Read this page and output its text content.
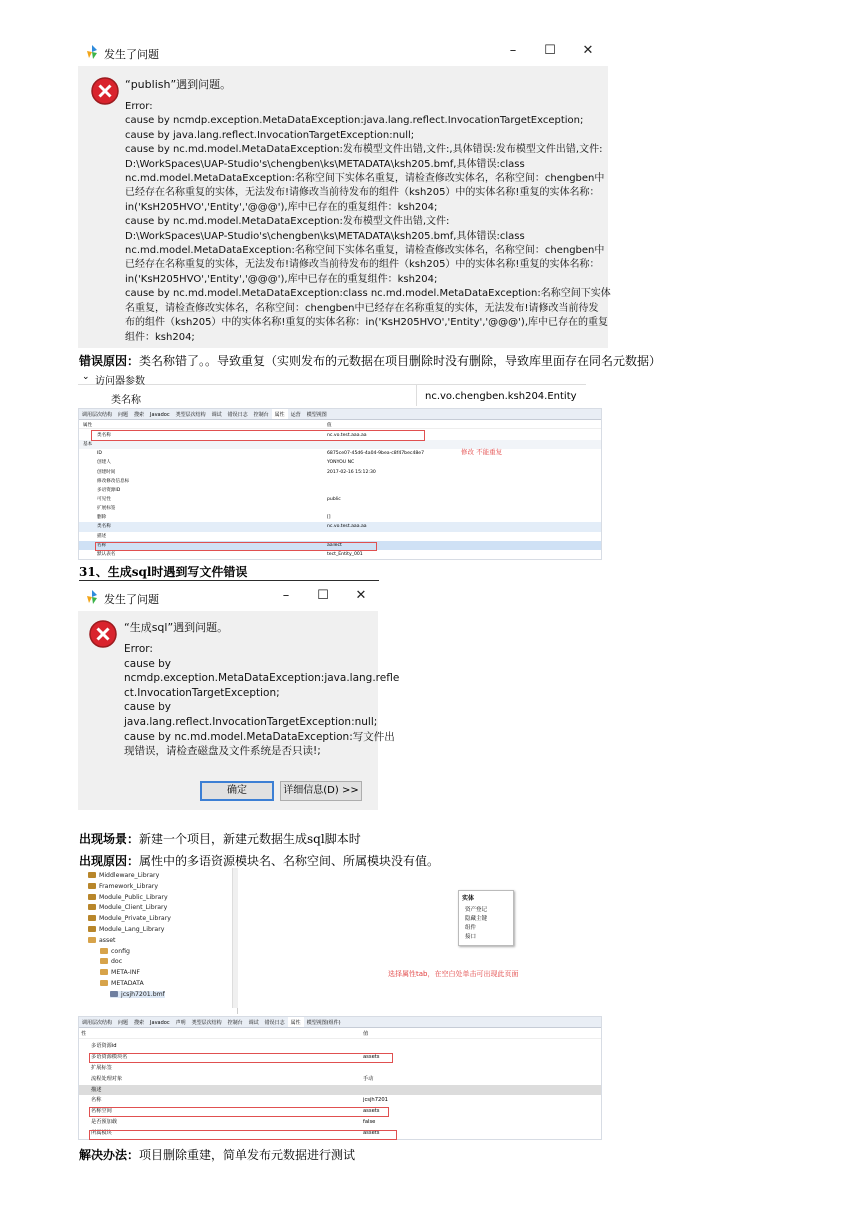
发生了问题	–	☐	✕
“publish”遇到问题。
Error:
cause by ncmdp.exception.MetaDataException:java.lang.reflect.InvocationTargetException;
cause by java.lang.reflect.InvocationTargetException:null;
cause by nc.md.model.MetaDataException:发布模型文件出错,文件:,具体错误:发布模型文件出错,文件:
D:\WorkSpaces\UAP-Studio's\chengben\ks\METADATA\ksh205.bmf,具体错误:class
nc.md.model.MetaDataException:名称空间下实体名重复，请检查修改实体名，名称空间：chengben中
已经存在名称重复的实体，无法发布!请修改当前待发布的组件（ksh205）中的实体名称!重复的实体名称：
in('KsH205HVO','Entity','@@@'),库中已存在的重复组件：ksh204;
cause by nc.md.model.MetaDataException:发布模型文件出错,文件:
D:\WorkSpaces\UAP-Studio's\chengben\ks\METADATA\ksh205.bmf,具体错误:class
nc.md.model.MetaDataException:名称空间下实体名重复，请检查修改实体名，名称空间：chengben中
已经存在名称重复的实体，无法发布!请修改当前待发布的组件（ksh205）中的实体名称!重复的实体名称：
in('KsH205HVO','Entity','@@@'),库中已存在的重复组件：ksh204;
cause by nc.md.model.MetaDataException:class nc.md.model.MetaDataException:名称空间下实体
名重复，请检查修改实体名，名称空间：chengben中已经存在名称重复的实体，无法发布!请修改当前待发
布的组件（ksh205）中的实体名称!重复的实体名称：in('KsH205HVO','Entity','@@@'),库中已存在的重复
组件：ksh204;
错误原因：类名称错了。。导致重复（实则发布的元数据在项目删除时没有删除，导致库里面存在同名元数据）
⌄ 访问器参数
类名称	nc.vo.chengben.ksh204.Entity
调用层次结构 问题 搜索 Javadoc 类型层次结构 调试 错误日志 控制台 属性 运营 模型视图
属性	值
类名称	nc.vo.test.aaa.aa
基本
ID	6875ce07-45d6-4a04-9bea-c8f47bec48e7
创建人	YONYOU NC
创建时间	2017-02-16 15:12:30
修改修改信息标
多语资源ID
可见性	public
扩展标签
删除	[]
类名称	nc.vo.test.aaa.aa
描述
名称	aaTect
默认表名	tect_Entity_001
修改 不能重复
31、生成sql时遇到写文件错误
发生了问题	–	☐	✕
“生成sql”遇到问题。
Error:
cause by
ncmdp.exception.MetaDataException:java.lang.refle
ct.InvocationTargetException;
cause by
java.lang.reflect.InvocationTargetException:null;
cause by nc.md.model.MetaDataException:写文件出
现错误，请检查磁盘及文件系统是否只读!;
确定	详细信息(D) >>
出现场景：新建一个项目，新建元数据生成sql脚本时
出现原因：属性中的多语资源模块名、名称空间、所属模块没有值。
Middleware_Library
Framework_Library
Module_Public_Library
Module_Client_Library
Module_Private_Library
Module_Lang_Library
asset
config
doc
META-INF
METADATA
jcsjh7201.bmf
实体
资产登记
隐藏主键
组件
接口
选择属性tab，在空白处单击可出现此页面
调用层次结构 问题 搜索 Javadoc 声明 类型层次结构 控制台 调试 错误日志 属性 模型视图(组件)
性	值
多语资源id
多语资源模块名	assets
扩展标签
流程处理对象	手动
描述
名称	jcsjh7201
名称空间	assets
是否预加载	false
所属模块	assets
解决办法：项目删除重建，简单发布元数据进行测试
